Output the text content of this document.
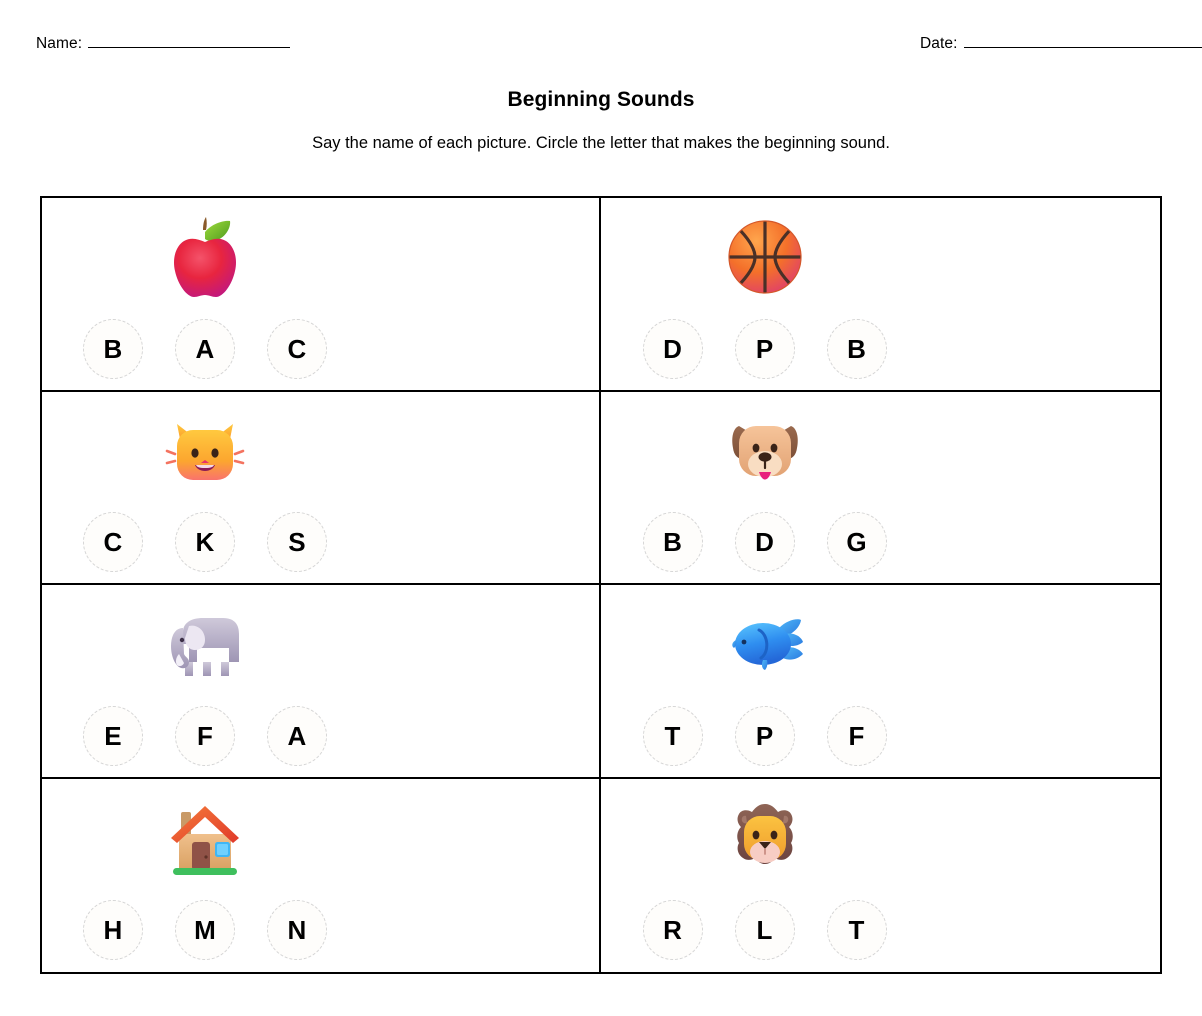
Name:	Date:
Beginning Sounds
Say the name of each picture. Circle the letter that makes the beginning sound.
B	A	C	D	P	B
C	K	S	B	D	G
E	F	A	T	P	F
H	M	N	R	L	T
